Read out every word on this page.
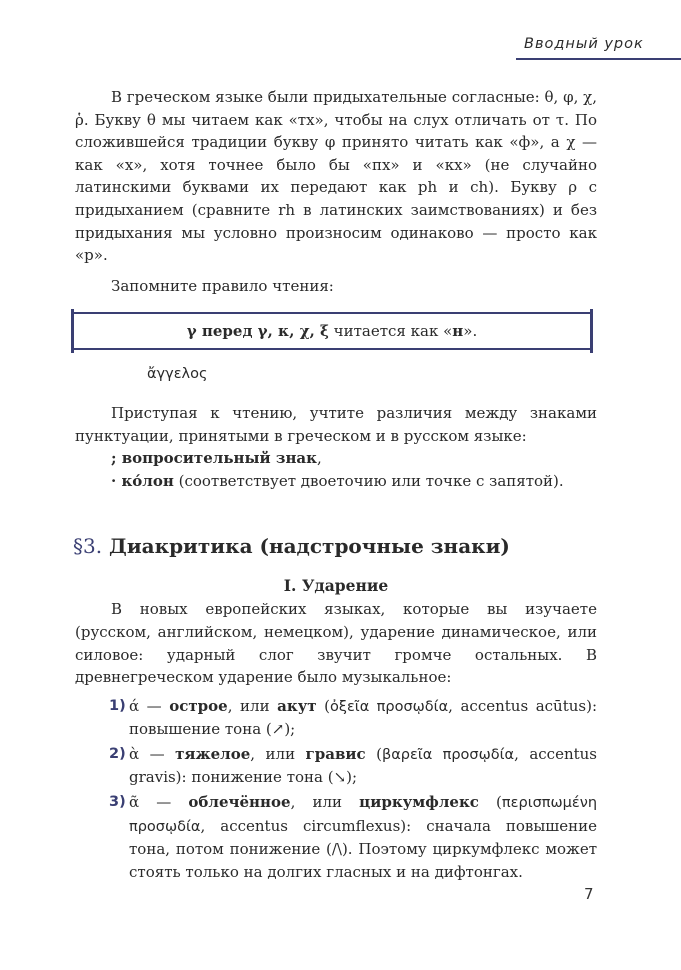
Вводный урок

В греческом языке были придыхательные согласные: θ, φ, χ, ῥ. Букву θ мы читаем как «тх», чтобы на слух отличать от τ. По сложившейся традиции букву φ принято читать как «ф», а χ — как «х», хотя точнее было бы «пх» и «кх» (не случайно латинскими буквами их передают как ph и ch). Букву ρ с придыханием (сравните rh в латинских заимствованиях) и без придыхания мы условно произносим одинаково — просто как «р».

Запомните правило чтения:

γ перед γ, κ, χ, ξ читается как «н».
ἄγγελος

Приступая к чтению, учтите различия между знаками пунктуации, принятыми в греческом и в русском языке:

; вопросительный знак,
· ко́лон (соответствует двоеточию или точке с запятой).
§3. Диакритика (надстрочные знаки)
I. Ударение

В новых европейских языках, которые вы изучаете (русском, английском, немецком), ударение динамическое, или силовое: ударный слог звучит громче остальных. В древнегреческом ударение было музыкальное:

1) ά — острое, или акут (ὀξεῖα προσῳδία, accentus acūtus): повышение тона (↗);
2) ὰ — тяжелое, или гравис (βαρεῖα προσῳδία, accentus gravis): понижение тона (↘);
3) ᾶ — облечённое, или циркумфлекс (περισπωμένη προσῳδία, accentus circumflexus): сначала повышение тона, потом понижение (/\). Поэтому циркумфлекс может стоять только на долгих гласных и на дифтонгах.
7
